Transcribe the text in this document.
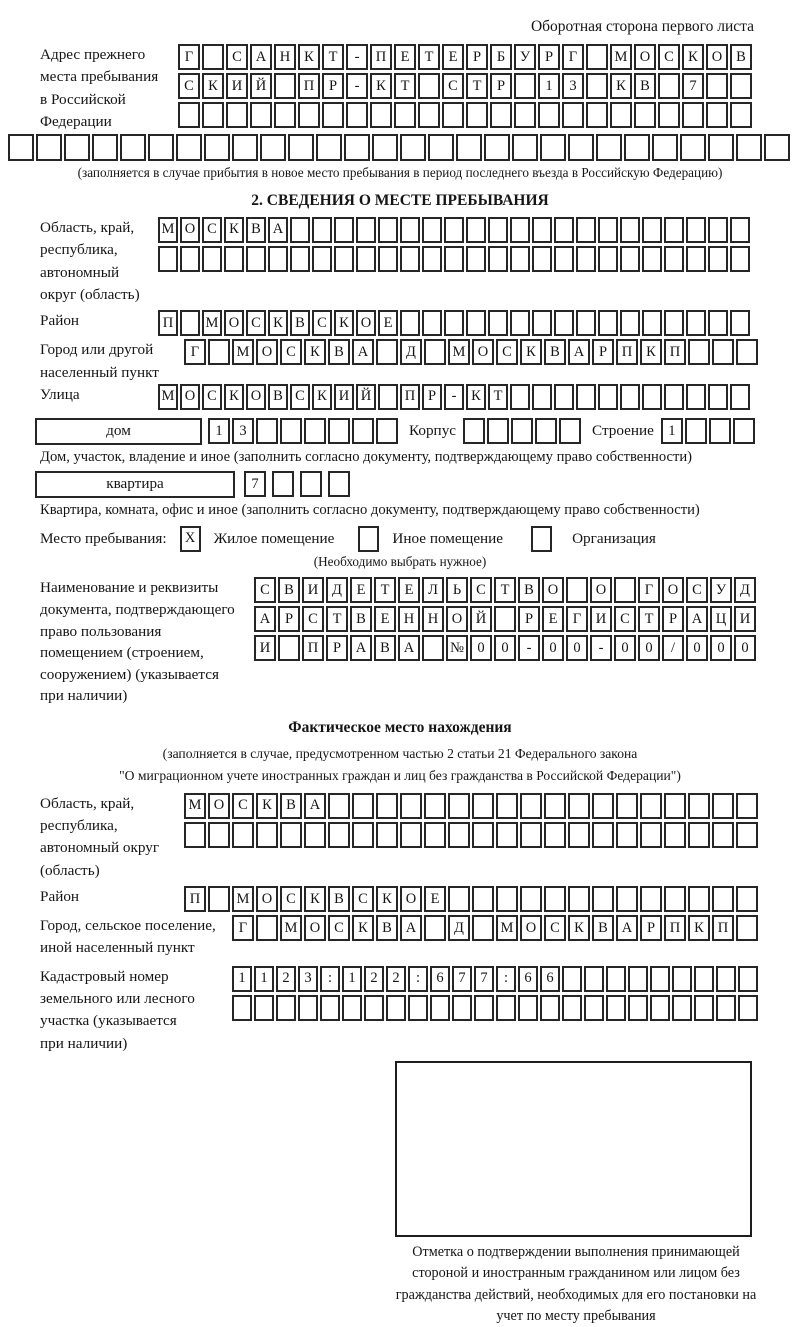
Оборотная сторона первого листа
Адрес прежнего
места пребывания
в Российской
Федерации
Г	С А Н К	Т	-	П Е	Т	Е	Р	Б	У	Р	Г	М О С К О В
С К И Й	П	Р	-	К	Т	С	Т	Р	1	3	К В	7
(заполняется в случае прибытия в новое место пребывания в период последнего въезда в Российскую Федерацию)
2. СВЕДЕНИЯ О МЕСТЕ ПРЕБЫВАНИЯ
Область, край,
республика,
автономный
округ (область)
М О С К В А
Район	П	М О С К В С К О Е
Город или другой
населенный пункт
Г	М О С К В А	Д	М О С К В А	Р	П К П
Улица	М О С К О В С К И Й	П Р	-	К Т
дом	1	3	Корпус	Строение 1
Дом, участок, владение и иное (заполнить согласно документу, подтверждающему право собственности)
квартира	7
Квартира, комната, офис и иное (заполнить согласно документу, подтверждающему право собственности)
Место пребывания:	X	Жилое помещение	Иное помещение	Организация
(Необходимо выбрать нужное)
Наименование и реквизиты
документа, подтверждающего
право пользования
помещением (строением,
сооружением) (указывается
при наличии)
С В И Д	Е	Т	Е	Л	Ь	С	Т	В О	О	Г	О С У Д
А	Р	С	Т	В	Е Н Н О Й	Р	Е	Г	И С	Т	Р	А Ц И
И	П	Р	А В А	№ 0	0	-	0	0	-	0	0	/	0	0	0
Фактическое место нахождения
(заполняется в случае, предусмотренном частью 2 статьи 21 Федерального закона
"О миграционном учете иностранных граждан и лиц без гражданства в Российской Федерации")
Область, край,
республика,
автономный округ
(область)
М О С К В А
Район	П	М О С К В С К О Е
Город, сельское поселение,
иной населенный пункт
Г	М О С К В А	Д	М О С К В А	Р	П К П
Кадастровый номер
земельного или лесного
участка (указывается
при наличии)
1	1	2	3	:	1	2	2	:	6	7	7	:	6	6
Отметка о подтверждении выполнения принимающей стороной и иностранным гражданином или лицом без гражданства действий, необходимых для его постановки на учет по месту пребывания
